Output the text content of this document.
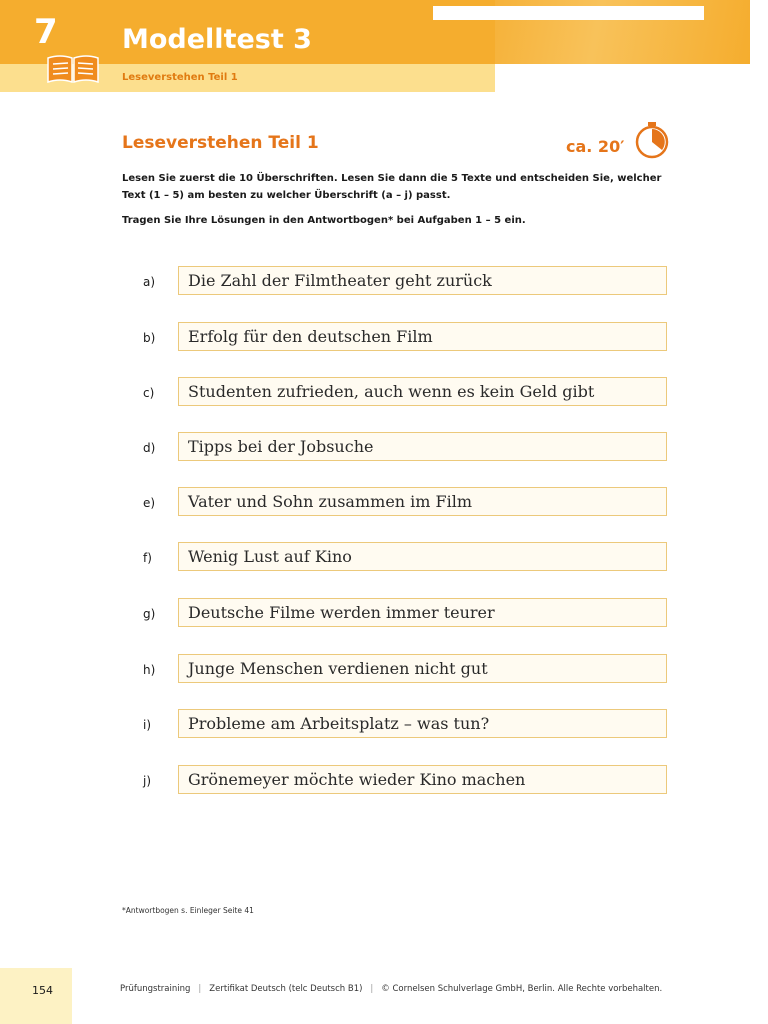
7 Modelltest 3
Leseverstehen Teil 1
Leseverstehen Teil 1	ca. 20′
Lesen Sie zuerst die 10 Überschriften. Lesen Sie dann die 5 Texte und entscheiden Sie, welcher
Text (1 – 5) am besten zu welcher Überschrift (a – j) passt.
Tragen Sie Ihre Lösungen in den Antwortbogen* bei Aufgaben 1 – 5 ein.
a)	Die Zahl der Filmtheater geht zurück
b)	Erfolg für den deutschen Film
c)	Studenten zufrieden, auch wenn es kein Geld gibt
d)	Tipps bei der Jobsuche
e)	Vater und Sohn zusammen im Film
f)	Wenig Lust auf Kino
g)	Deutsche Filme werden immer teurer
h)	Junge Menschen verdienen nicht gut
i)	Probleme am Arbeitsplatz – was tun?
j)	Grönemeyer möchte wieder Kino machen
*Antwortbogen s. Einleger Seite 41
154	Prüfungstraining | Zertifikat Deutsch (telc Deutsch B1) | © Cornelsen Schulverlage GmbH, Berlin. Alle Rechte vorbehalten.
